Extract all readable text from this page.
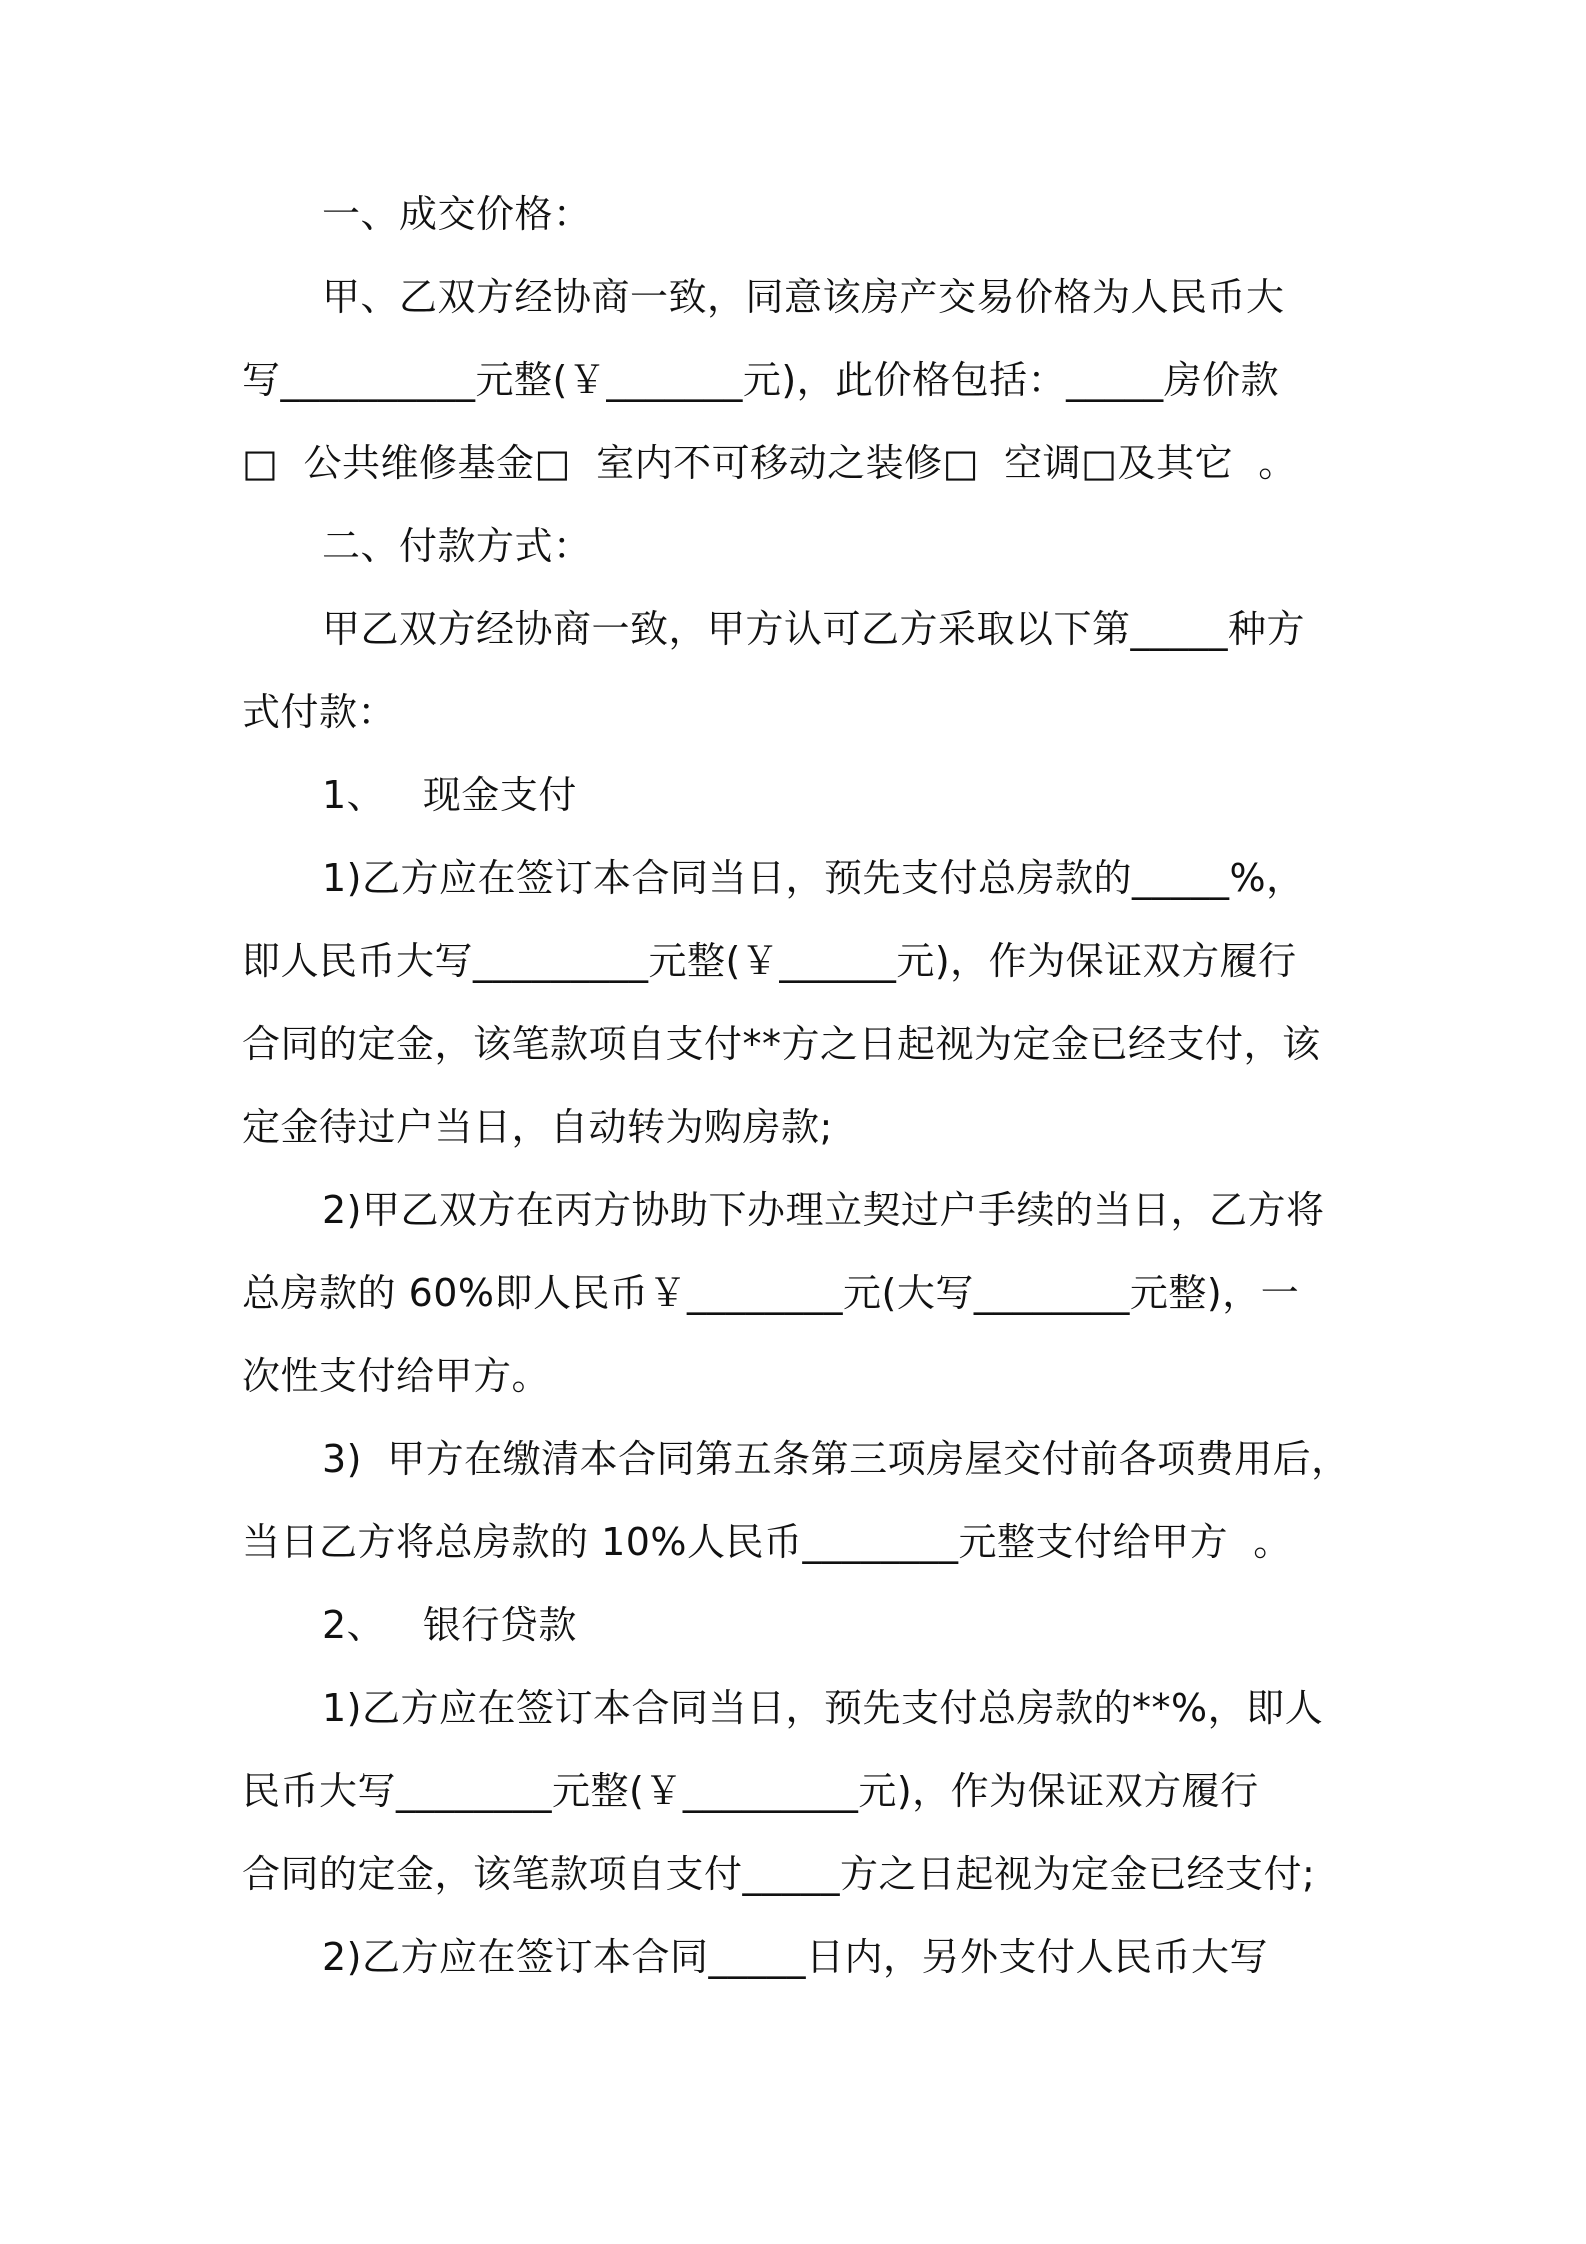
一、成交价格：
甲、乙双方经协商一致，同意该房产交易价格为人民币大
写__________元整(￥_______元)，此价格包括：_____房价款
□  公共维修基金□  室内不可移动之装修□  空调□及其它  。
二、付款方式：
甲乙双方经协商一致，甲方认可乙方采取以下第_____种方
式付款：
1、   现金支付
1)乙方应在签订本合同当日，预先支付总房款的_____%，
即人民币大写_________元整(￥______元)，作为保证双方履行
合同的定金，该笔款项自支付**方之日起视为定金已经支付，该
定金待过户当日，自动转为购房款;
2)甲乙双方在丙方协助下办理立契过户手续的当日，乙方将
总房款的 60%即人民币￥________元(大写________元整)，一
次性支付给甲方。
3)  甲方在缴清本合同第五条第三项房屋交付前各项费用后，
当日乙方将总房款的 10%人民币________元整支付给甲方  。
2、   银行贷款
1)乙方应在签订本合同当日，预先支付总房款的**%，即人
民币大写________元整(￥_________元)，作为保证双方履行
合同的定金，该笔款项自支付_____方之日起视为定金已经支付;
2)乙方应在签订本合同_____日内，另外支付人民币大写
